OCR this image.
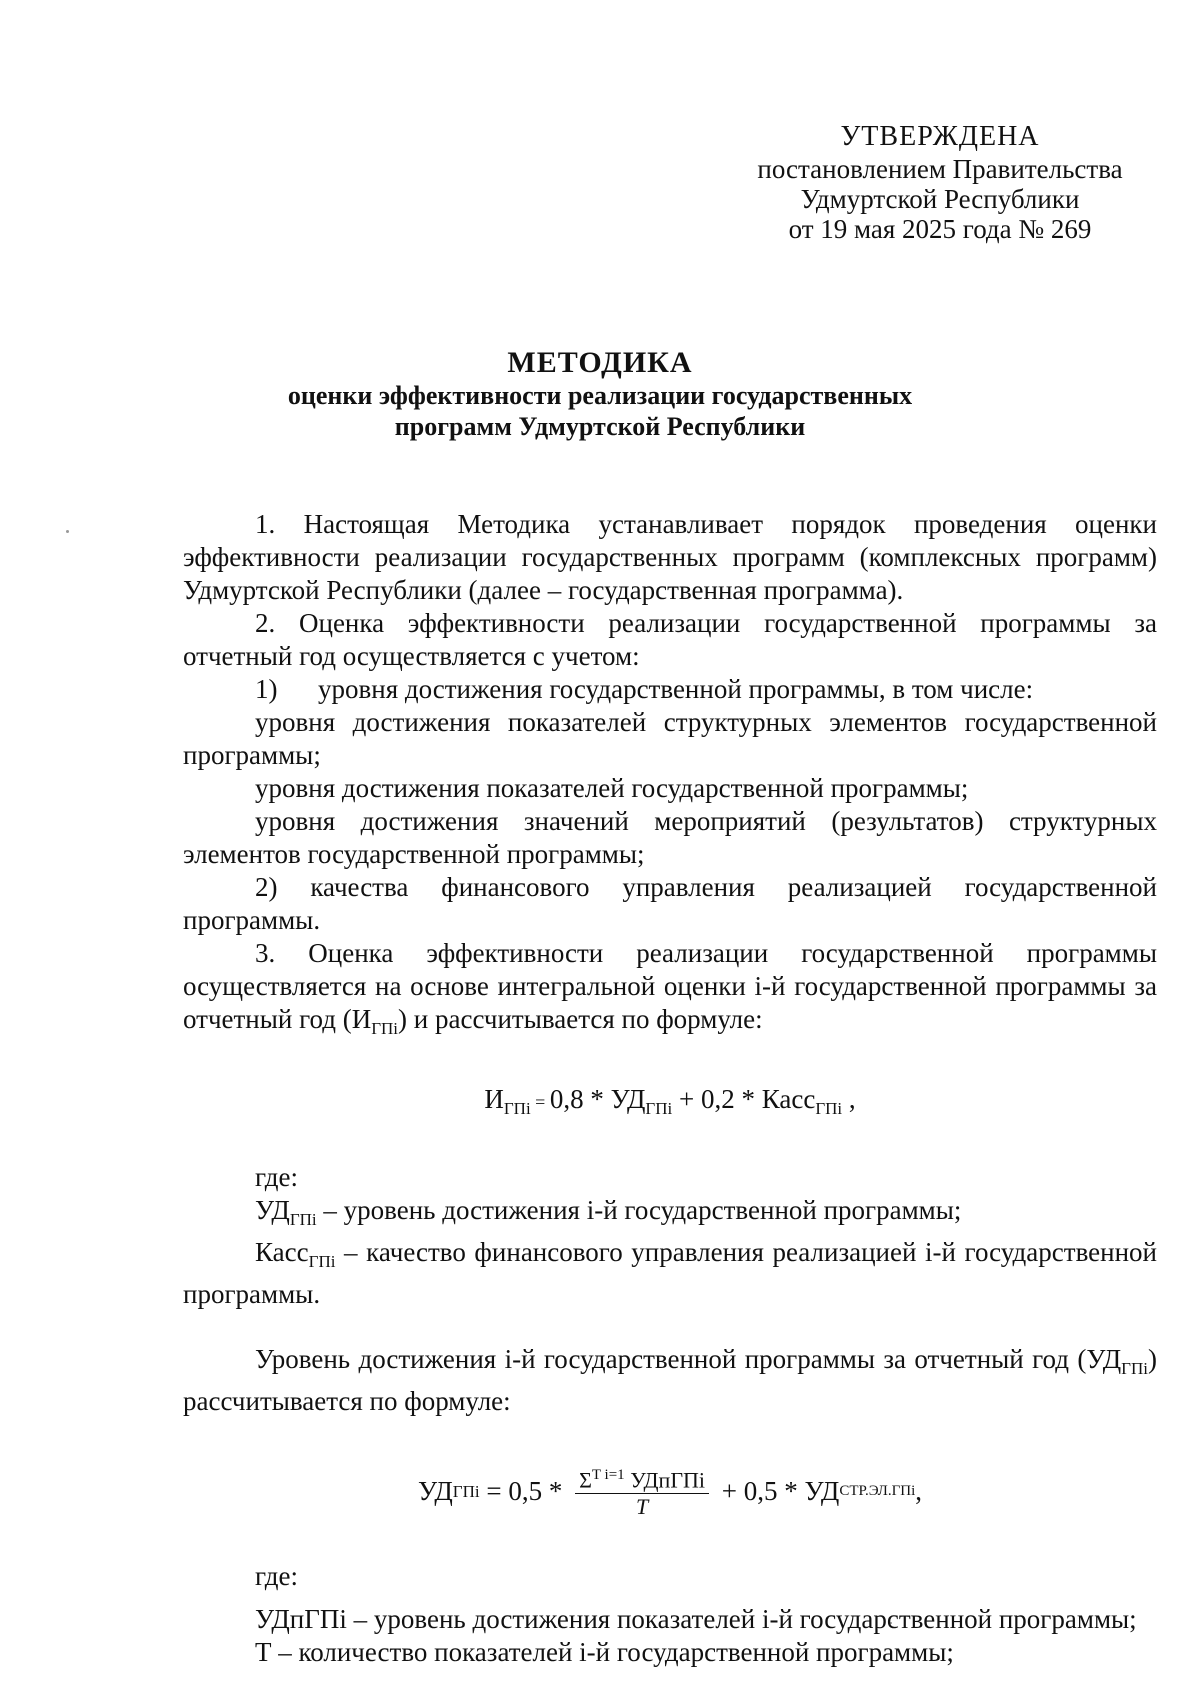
УТВЕРЖДЕНА
постановлением Правительства
Удмуртской Республики
от 19 мая 2025 года № 269
МЕТОДИКА
оценки эффективности реализации государственных
программ Удмуртской Республики

1. Настоящая Методика устанавливает порядок проведения оценки эффективности реализации государственных программ (комплексных программ) Удмуртской Республики (далее – государственная программа).

2. Оценка эффективности реализации государственной программы за отчетный год осуществляется с учетом:

1)      уровня достижения государственной программы, в том числе:

уровня достижения показателей структурных элементов государственной программы;

уровня достижения показателей государственной программы;

уровня достижения значений мероприятий (результатов) структурных элементов государственной программы;

2) качества финансового управления реализацией государственной программы.

3. Оценка эффективности реализации государственной программы осуществляется на основе интегральной оценки i-й государственной программы за отчетный год $(И_{ГПi})$ и рассчитывается по формуле:

$И_{ГПi} = 0,8 * УД_{ГПi} + 0,2$ * Касс$_{ГПi}$ ,

где:

$УД_{ГПi}$ – уровень достижения i-й государственной программы;

Касс$_{ГПi}$ – качество финансового управления реализацией i-й государственной программы.

Уровень достижения i-й государственной программы за отчетный год $(УД_{ГПi})$ рассчитывается по формуле:

УД ГПi = $0,5 * \frac{\Sigma^{T i=1} УДпГПi}{T} + 0,5$ * УД СТР.ЭЛ.ГПi ,

где:

УДпГПi – уровень достижения показателей i-й государственной программы;

Т – количество показателей i-й государственной программы;
